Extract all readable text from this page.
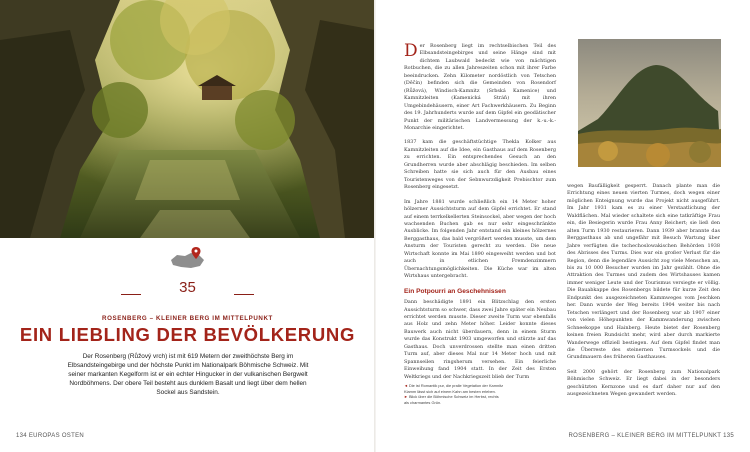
35
ROSENBERG – KLEINER BERG IM MITTELPUNKT
EIN LIEBLING DER BEVÖLKERUNG
Der Rosenberg (Růžový vrch) ist mit 619 Metern der zweithöchste Berg im Elbsandsteingebirge und der höchste Punkt im Nationalpark Böhmische Schweiz. Mit seiner markanten Kegelform ist er ein echter Hingucker in der vulkanischen Bergwelt Nordböhmens. Der obere Teil besteht aus dunklem Basalt und liegt über dem hellen Sockel aus Sandstein.
134 EUROPAS OSTEN

Der Rosenberg liegt im rechtselbischen Teil des Elbsandsteingebirges und seine Hänge sind mit dichtem Laubwald bedeckt wie von mächtigen Rotbuchen, die zu allen Jahreszeiten schon mit ihrer Farbe beeindrucken. Zehn Kilometer nordöstlich von Tetschen (Děčín) befinden sich die Gemeinden von Rosendorf (Růžová), Windisch-Kamnitz (Srbská Kamenice) und Kamnitzleiten (Kamenická Stráň) mit ihren Umgebindehäusern, einer Art Fachwerkhäusern. Zu Beginn des 19. Jahrhunderts wurde auf dem Gipfel ein geodätischer Punkt der militärischen Landvermessung der k.-u.-k.-Monarchie eingerichtet.

1837 kam die geschäftstüchtige Thekla Kolker aus Kamnitzleiten auf die Idee, ein Gasthaus auf dem Rosenberg zu errichten. Ein entsprechendes Gesuch an den Grundherren wurde aber abschlägig beschieden. Im selben Schreiben hatte sie sich auch für den Ausbau eines Touristenweges von der Sebnwurzdigkeit Prebischtor zum Rosenberg eingesetzt.

Im Jahre 1881 wurde schließlich ein 14 Meter hoher hölzerner Aussichtsturm auf dem Gipfel errichtet. Er stand auf einem terrkelkellerten Steinsockel, aber wegen der hoch wachsenden Buchen gab es nur sehr eingeschränkte Ausblicke. Im folgenden Jahr entstand ein kleines hölzernes Berggasthaus, das bald vergrößert werden musste, um dem Ansturm der Touristen gerecht zu werden. Die neue Wirtschaft konnte im Mai 1890 eingeweiht werden und bot auch in etlichen Fremdenzimmern Übernachtungsmöglichkeiten. Die Küche war im alten Wirtshaus untergebracht.

Ein Potpourri an Geschehnissen

Dann beschädigte 1891 ein Blitzschlag den ersten Aussichtsturm so schwer, dass zwei Jahre später ein Neubau errichtet werden musste. Dieser zweite Turm war ebenfalls aus Holz und zehn Meter höher. Leider konnte dieses Bauwerk auch nicht überdauern, denn in einem Sturm wurde das Konstrukt 1903 umgeworfen und stürzte auf das Gasthaus. Doch unverdrossen stellte man einen dritten Turm auf, aber dieses Mal nur 14 Meter hoch und mit Spannseilen ringsherum versehen. Ein feierliche Einweihung fand 1904 statt. In der Zeit des Ersten Weltkriegs und der Nachkriegszeit blieb der Turm

wegen Baufälligkeit gesperrt. Danach plante man die Errichtung eines neuen vierten Turmes, doch wegen einer möglichen Enteignung wurde das Projekt nicht ausgeführt. Im Jahr 1931 kam es zu einer Verstaatlichung der Waldflächen. Mal wieder schaltete sich eine tatkräftige Frau ein, die Besiegerin wurde Frau Anny Reichert; sie ließ den alten Turm 1930 restaurieren. Dann 1939 aber brannte das Berggasthaus ab und ungefähr mit Besuch Wartung über Jahre verfügten die tschechoslowakischen Behörden 1938 des Abrisses des Turms. Dies war ein großer Verlust für die Region, denn die legendäre Aussicht zog viele Menschen an, bis zu 10 000 Besucher wurden im Jahr gezählt. Ohne die Attraktion des Turmes und zudem des Wirtshauses kamen immer weniger Leute und der Tourismus versiegte er völlig. Die Bauabkappe des Rosenbergs bildete für kurze Zeit den Endpunkt des ausgezeichneten Kammweges vom Jeschken her. Dann wurde der Weg bereits 1904 weiter bis nach Tetschen verlängert und der Rosenberg war ab 1907 einer von vielen Höhepunkten der Kammwanderung zwischen Schneekoppe und Hainberg. Heute bietet der Rosenberg keinen freien Rundsicht mehr, wird aber durch markierte Wanderwege offiziell bestiegen. Auf dem Gipfel findet man die Überreste des steinernen Turmsockels und die Grundmauern des früheren Gasthauses.

Seit 2000 gehört der Rosenberg zum Nationalpark Böhmische Schweiz. Er liegt dabei in der besonders geschützten Kernzone und es darf daher nur auf den ausgezeichneten Wegen gewandert werden.

◄ Die ist Romantik pur, die pralle Vegetation der Kamnitz Klamm lässt sich auf einem Kahn am besten erleben.
► Blick über die Böhmische Schweiz im Herbst, rechts als charmantes Grün.
ROSENBERG – KLEINER BERG IM MITTELPUNKT 135
